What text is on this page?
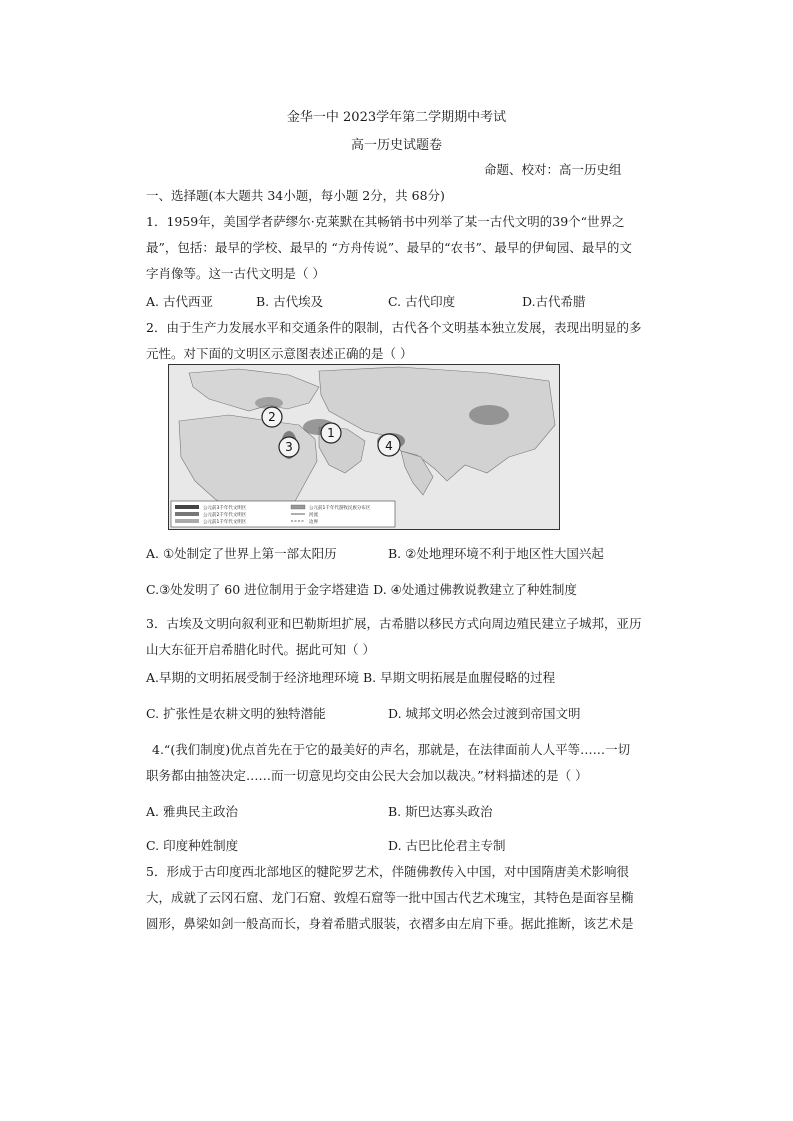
金华一中 2023学年第二学期期中考试
高一历史试题卷
命题、校对：高一历史组
一、选择题(本大题共 34小题，每小题 2分，共 68分)
1．1959年，美国学者萨缪尔·克莱默在其畅销书中列举了某一古代文明的39个“世界之
最”，包括：最早的学校、最早的 “方舟传说”、最早的“农书”、最早的伊甸园、最早的文
字肖像等。这一古代文明是（ ）
A. 古代西亚	B. 古代埃及	C. 古代印度	D.古代希腊
2．由于生产力发展水平和交通条件的限制，古代各个文明基本独立发展，表现出明显的多
元性。对下面的文明区示意图表述正确的是（ ）
2
1
3	4
公元前3千年代文明区
公元前2千年代文明区
公元前1千年代文明区
公元前1千年代游牧民族分布区
河流
边界
A. ①处制定了世界上第一部太阳历	B. ②处地理环境不利于地区性大国兴起
C.③处发明了 60 进位制用于金字塔建造 D. ④处通过佛教说教建立了种姓制度
3．古埃及文明向叙利亚和巴勒斯坦扩展，古希腊以移民方式向周边殖民建立子城邦，亚历
山大东征开启希腊化时代。据此可知（ ）
A.早期的文明拓展受制于经济地理环境 B. 早期文明拓展是血腥侵略的过程
C. 扩张性是农耕文明的独特潜能	D. 城邦文明必然会过渡到帝国文明
4.“(我们制度)优点首先在于它的最美好的声名，那就是，在法律面前人人平等……一切
职务都由抽签决定……而一切意见均交由公民大会加以裁决。”材料描述的是（ ）
A. 雅典民主政治	B. 斯巴达寡头政治
C. 印度种姓制度	D. 古巴比伦君主专制
5．形成于古印度西北部地区的犍陀罗艺术，伴随佛教传入中国，对中国隋唐美术影响很
大，成就了云冈石窟、龙门石窟、敦煌石窟等一批中国古代艺术瑰宝，其特色是面容呈椭
圆形，鼻梁如剑一般高而长，身着希腊式服装，衣褶多由左肩下垂。据此推断，该艺术是
